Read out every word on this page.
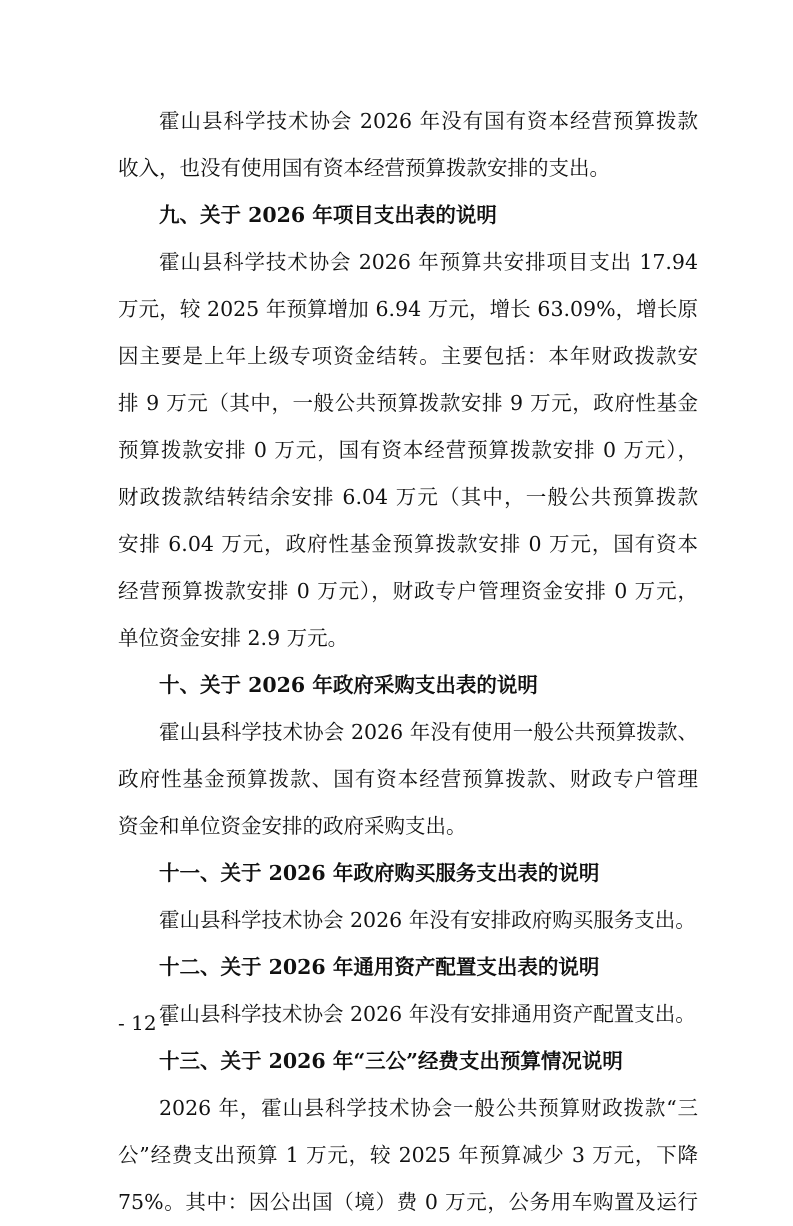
霍山县科学技术协会 2026 年没有国有资本经营预算拨款
收入，也没有使用国有资本经营预算拨款安排的支出。
九、关于 2026 年项目支出表的说明
霍山县科学技术协会 2026 年预算共安排项目支出 17.94
万元，较 2025 年预算增加 6.94 万元，增长 63.09%，增长原
因主要是上年上级专项资金结转。主要包括：本年财政拨款安
排 9 万元（其中，一般公共预算拨款安排 9 万元，政府性基金
预算拨款安排 0 万元，国有资本经营预算拨款安排 0 万元），
财政拨款结转结余安排 6.04 万元（其中，一般公共预算拨款
安排 6.04 万元，政府性基金预算拨款安排 0 万元，国有资本
经营预算拨款安排 0 万元），财政专户管理资金安排 0 万元，
单位资金安排 2.9 万元。
十、关于 2026 年政府采购支出表的说明
霍山县科学技术协会 2026 年没有使用一般公共预算拨款、
政府性基金预算拨款、国有资本经营预算拨款、财政专户管理
资金和单位资金安排的政府采购支出。
十一、关于 2026 年政府购买服务支出表的说明
霍山县科学技术协会 2026 年没有安排政府购买服务支出。
十二、关于 2026 年通用资产配置支出表的说明
霍山县科学技术协会 2026 年没有安排通用资产配置支出。
十三、关于 2026 年“三公”经费支出预算情况说明
2026 年，霍山县科学技术协会一般公共预算财政拨款“三
公”经费支出预算 1 万元，较 2025 年预算减少 3 万元，下降
75%。其中：因公出国（境）费 0 万元，公务用车购置及运行
- 12 -
